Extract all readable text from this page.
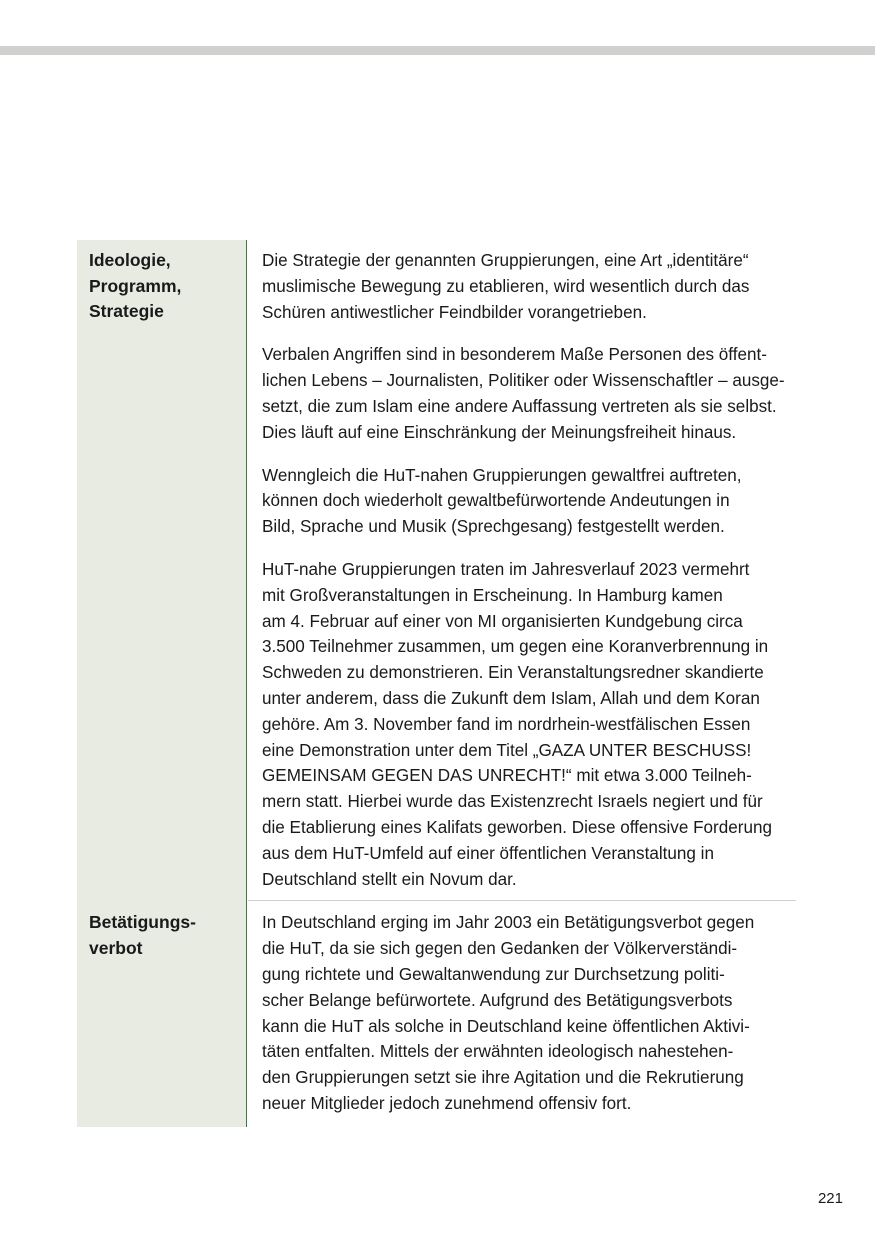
Ideologie,
Programm,
Strategie

Die Strategie der genannten Gruppierungen, eine Art „identitäre“
muslimische Bewegung zu etablieren, wird wesentlich durch das
Schüren antiwestlicher Feindbilder vorangetrieben.

Verbalen Angriffen sind in besonderem Maße Personen des öffent-
lichen Lebens – Journalisten, Politiker oder Wissenschaftler – ausge-
setzt, die zum Islam eine andere Auffassung vertreten als sie selbst.
Dies läuft auf eine Einschränkung der Meinungsfreiheit hinaus.

Wenngleich die HuT-nahen Gruppierungen gewaltfrei auftreten,
können doch wiederholt gewaltbefürwortende Andeutungen in
Bild, Sprache und Musik (Sprechgesang) festgestellt werden.

HuT-nahe Gruppierungen traten im Jahresverlauf 2023 vermehrt
mit Großveranstaltungen in Erscheinung. In Hamburg kamen
am 4. Februar auf einer von MI organisierten Kundgebung circa
3.500 Teilnehmer zusammen, um gegen eine Koranverbrennung in
Schweden zu demonstrieren. Ein Veranstaltungsredner skandierte
unter anderem, dass die Zukunft dem Islam, Allah und dem Koran
gehöre. Am 3. November fand im nordrhein-westfälischen Essen
eine Demonstration unter dem Titel „GAZA UNTER BESCHUSS!
GEMEINSAM GEGEN DAS UNRECHT!“ mit etwa 3.000 Teilneh-
mern statt. Hierbei wurde das Existenzrecht Israels negiert und für
die Etablierung eines Kalifats geworben. Diese offensive Forderung
aus dem HuT-Umfeld auf einer öffentlichen Veranstaltung in
Deutschland stellt ein Novum dar.

Betätigungs-
verbot

In Deutschland erging im Jahr 2003 ein Betätigungsverbot gegen
die HuT, da sie sich gegen den Gedanken der Völkerverständi-
gung richtete und Gewaltanwendung zur Durchsetzung politi-
scher Belange befürwortete. Aufgrund des Betätigungsverbots
kann die HuT als solche in Deutschland keine öffentlichen Aktivi-
täten entfalten. Mittels der erwähnten ideologisch nahestehen-
den Gruppierungen setzt sie ihre Agitation und die Rekrutierung
neuer Mitglieder jedoch zunehmend offensiv fort.

221
